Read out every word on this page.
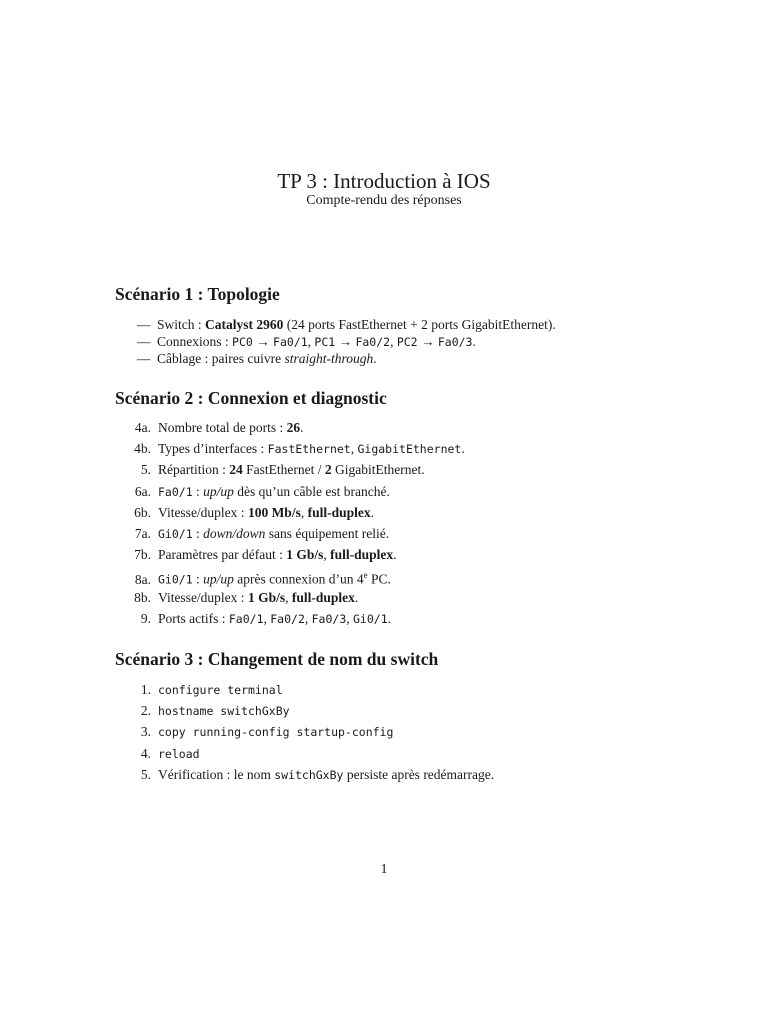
TP 3 : Introduction à IOS
Compte-rendu des réponses
Scénario 1 : Topologie
— Switch : Catalyst 2960 (24 ports FastEthernet + 2 ports GigabitEthernet).
— Connexions : PC0 → Fa0/1, PC1 → Fa0/2, PC2 → Fa0/3.
— Câblage : paires cuivre straight-through.
Scénario 2 : Connexion et diagnostic
4a. Nombre total de ports : 26.
4b. Types d’interfaces : FastEthernet, GigabitEthernet.
5. Répartition : 24 FastEthernet / 2 GigabitEthernet.
6a. Fa0/1 : up/up dès qu’un câble est branché.
6b. Vitesse/duplex : 100 Mb/s, full-duplex.
7a. Gi0/1 : down/down sans équipement relié.
7b. Paramètres par défaut : 1 Gb/s, full-duplex.
8a. Gi0/1 : up/up après connexion d’un 4e PC.
8b. Vitesse/duplex : 1 Gb/s, full-duplex.
9. Ports actifs : Fa0/1, Fa0/2, Fa0/3, Gi0/1.
Scénario 3 : Changement de nom du switch
1. configure terminal
2. hostname switchGxBy
3. copy running-config startup-config
4. reload
5. Vérification : le nom switchGxBy persiste après redémarrage.
1
